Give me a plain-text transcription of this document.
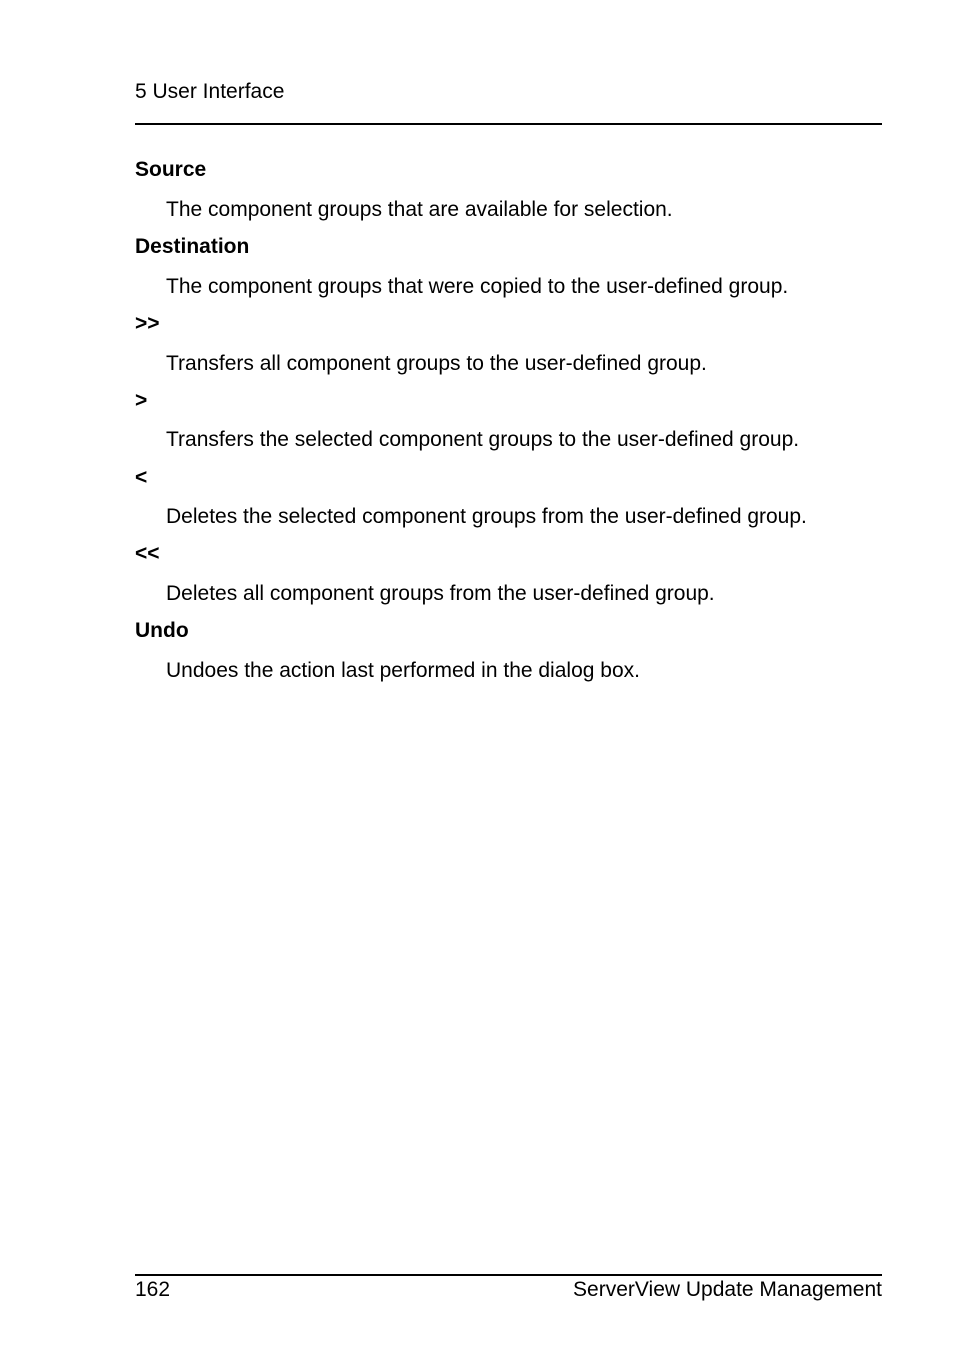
5 User Interface
Source
The component groups that are available for selection.
Destination
The component groups that were copied to the user-defined group.
>>
Transfers all component groups to the user-defined group.
>
Transfers the selected component groups to the user-defined group.
<
Deletes the selected component groups from the user-defined group.
<<
Deletes all component groups from the user-defined group.
Undo
Undoes the action last performed in the dialog box.
162	ServerView Update Management
